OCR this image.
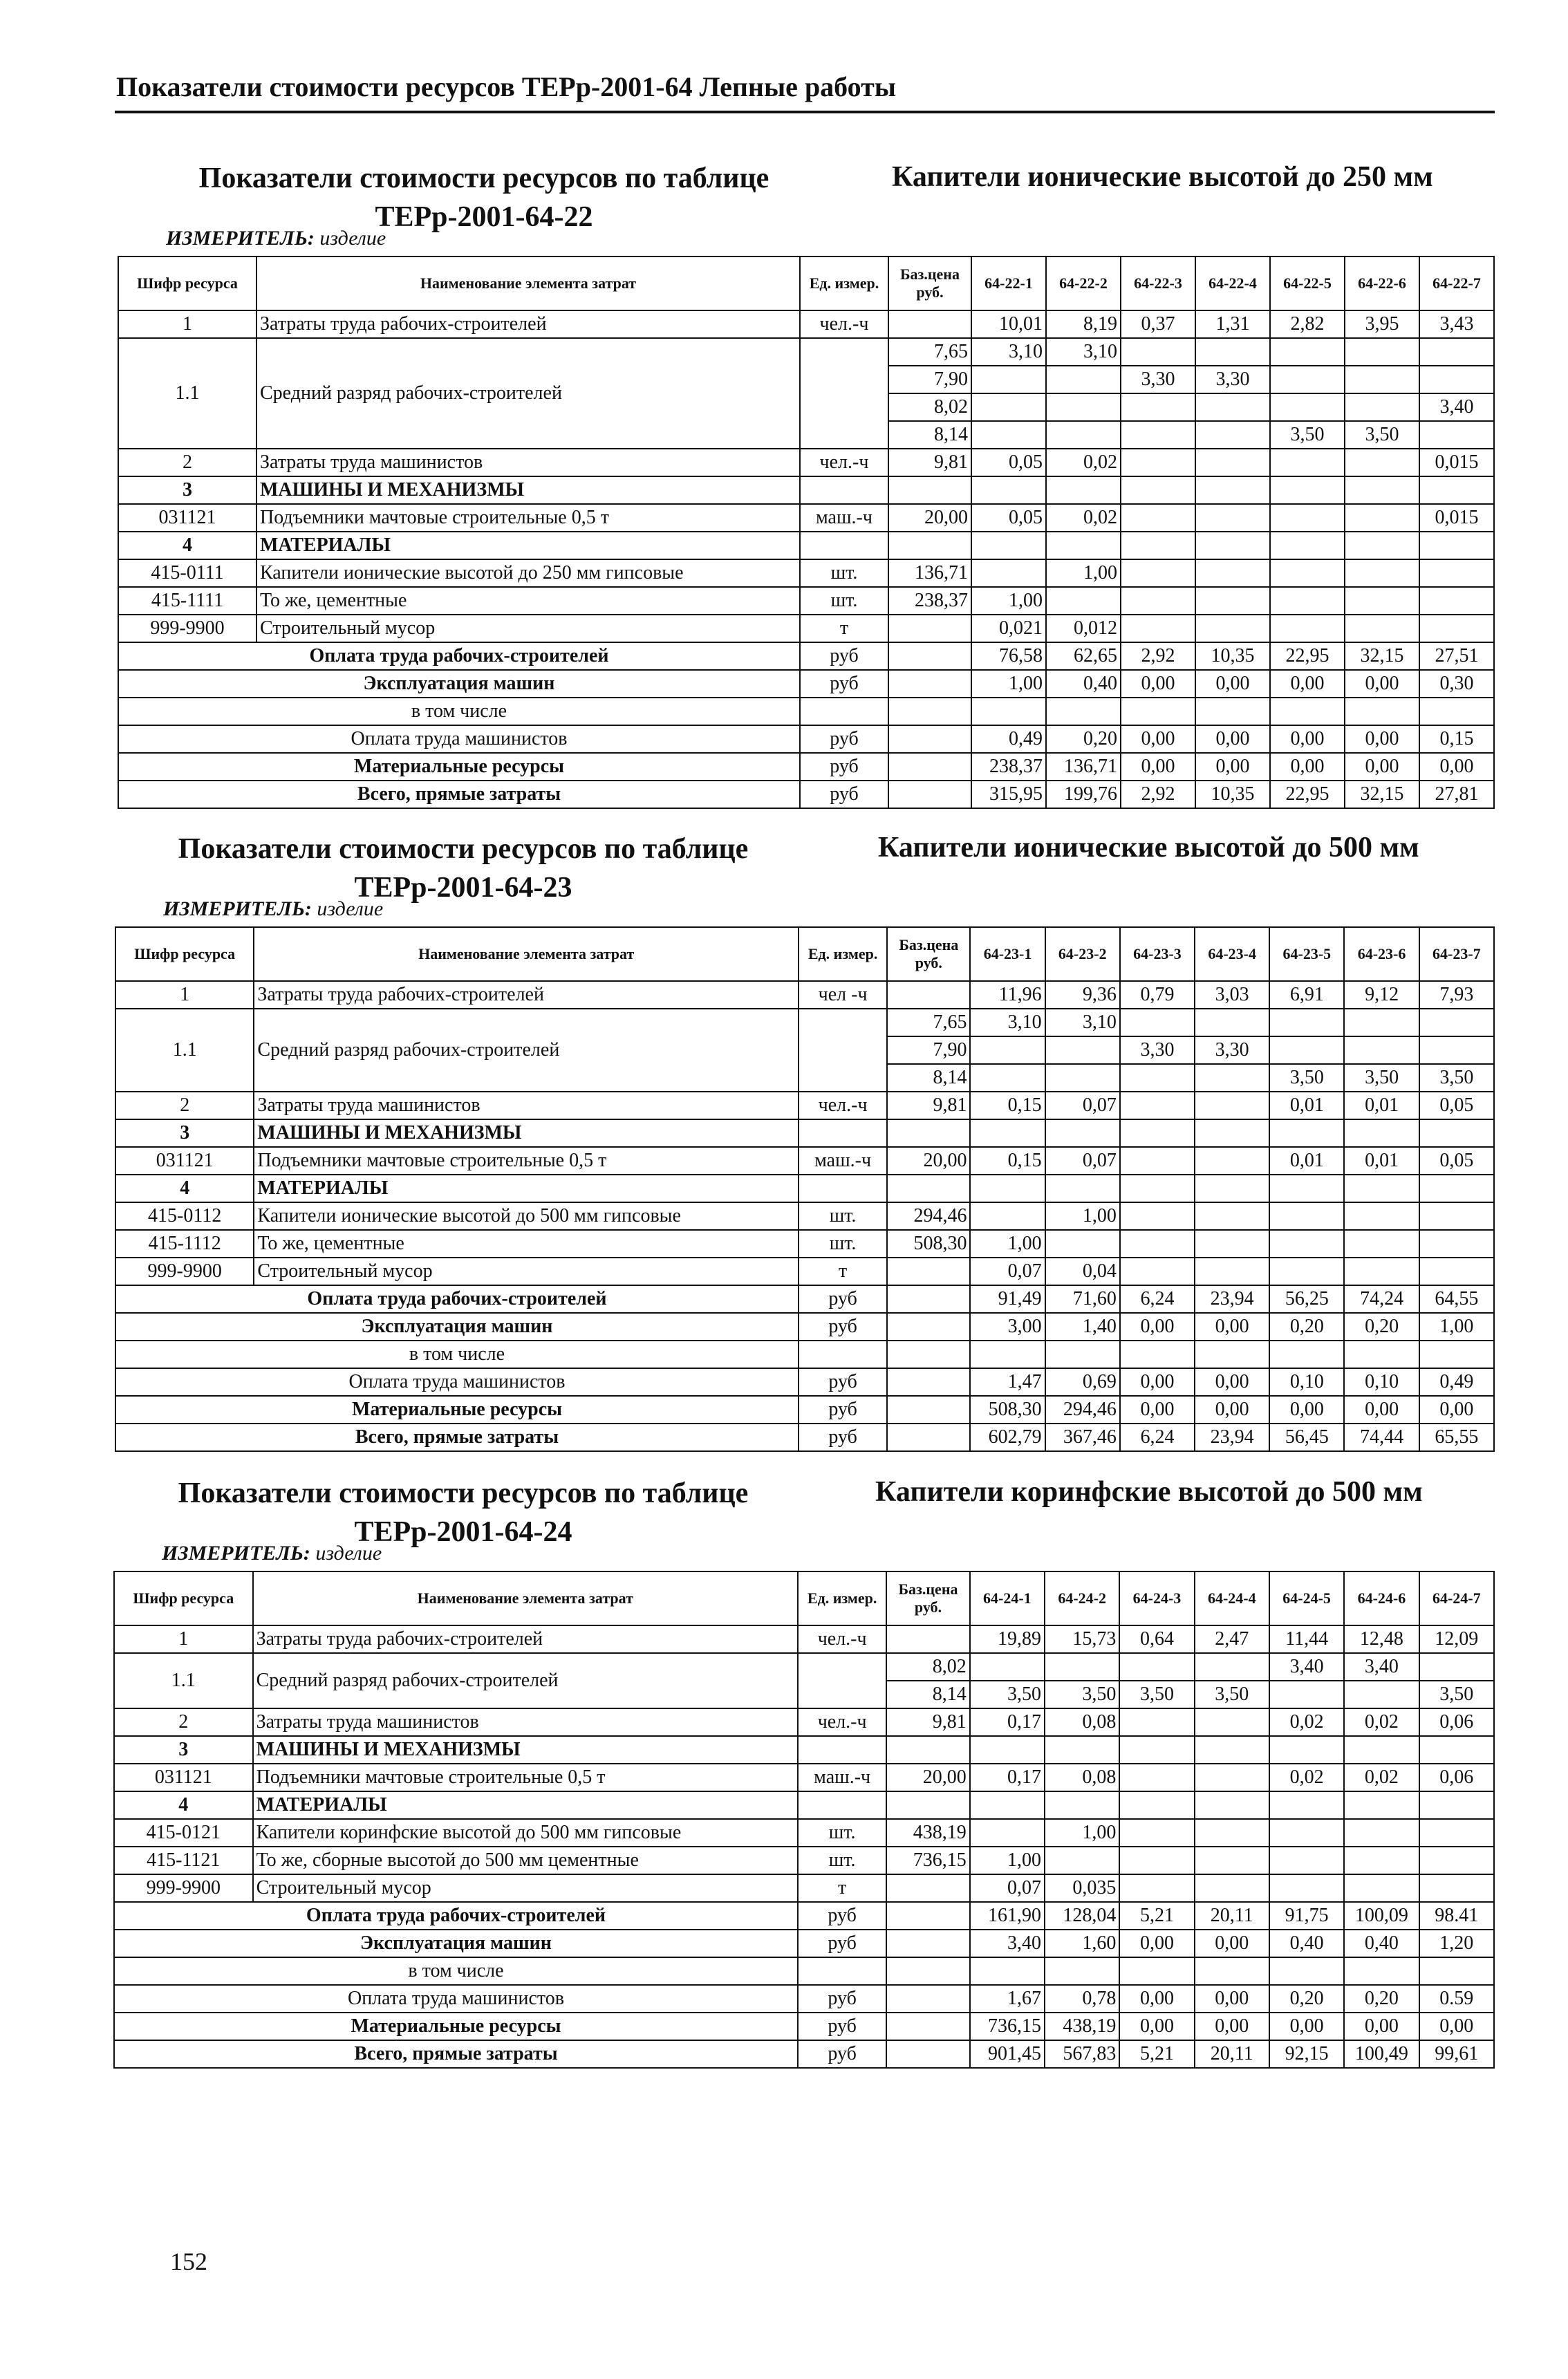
Показатели стоимости ресурсов ТЕРр-2001-64 Лепные работы
Шифр ресурса	Наименование элемента затрат	Ед. измер.	Баз.цена руб.	64-22-1	64-22-2	64-22-3	64-22-4	64-22-5	64-22-6	64-22-7
1	Затраты труда рабочих-строителей	чел.-ч		10,01	8,19	0,37	1,31	2,82	3,95	3,43
1.1	Средний разряд рабочих-строителей		7,65	3,10	3,10					
			7,90			3,30	3,30			
			8,02							3,40
			8,14					3,50	3,50	
2	Затраты труда машинистов	чел.-ч	9,81	0,05	0,02					0,015
3	МАШИНЫ И МЕХАНИЗМЫ									
031121	Подъемники мачтовые строительные 0,5 т	маш.-ч	20,00	0,05	0,02					0,015
4	МАТЕРИАЛЫ									
415-0111	Капители ионические высотой до 250 мм гипсовые	шт.	136,71		1,00					
415-1111	То же, цементные	шт.	238,37	1,00						
999-9900	Строительный мусор	т		0,021	0,012					
Оплата труда рабочих-строителей		руб		76,58	62,65	2,92	10,35	22,95	32,15	27,51
Эксплуатация машин		руб		1,00	0,40	0,00	0,00	0,00	0,00	0,30
в том числе										
Оплата труда машинистов		руб		0,49	0,20	0,00	0,00	0,00	0,00	0,15
Материальные ресурсы		руб		238,37	136,71	0,00	0,00	0,00	0,00	0,00
Всего, прямые затраты		руб		315,95	199,76	2,92	10,35	22,95	32,15	27,81
Шифр ресурса	Наименование элемента затрат	Ед. измер.	Баз.цена руб.	64-23-1	64-23-2	64-23-3	64-23-4	64-23-5	64-23-6	64-23-7
1	Затраты труда рабочих-строителей	чел -ч		11,96	9,36	0,79	3,03	6,91	9,12	7,93
1.1	Средний разряд рабочих-строителей		7,65	3,10	3,10					
			7,90			3,30	3,30			
			8,14					3,50	3,50	3,50
2	Затраты труда машинистов	чел.-ч	9,81	0,15	0,07			0,01	0,01	0,05
3	МАШИНЫ И МЕХАНИЗМЫ									
031121	Подъемники мачтовые строительные 0,5 т	маш.-ч	20,00	0,15	0,07			0,01	0,01	0,05
4	МАТЕРИАЛЫ									
415-0112	Капители ионические высотой до 500 мм гипсовые	шт.	294,46		1,00					
415-1112	То же, цементные	шт.	508,30	1,00						
999-9900	Строительный мусор	т		0,07	0,04					
Оплата труда рабочих-строителей		руб		91,49	71,60	6,24	23,94	56,25	74,24	64,55
Эксплуатация машин		руб		3,00	1,40	0,00	0,00	0,20	0,20	1,00
в том числе										
Оплата труда машинистов		руб		1,47	0,69	0,00	0,00	0,10	0,10	0,49
Материальные ресурсы		руб		508,30	294,46	0,00	0,00	0,00	0,00	0,00
Всего, прямые затраты		руб		602,79	367,46	6,24	23,94	56,45	74,44	65,55
Шифр ресурса	Наименование элемента затрат	Ед. измер.	Баз.цена руб.	64-24-1	64-24-2	64-24-3	64-24-4	64-24-5	64-24-6	64-24-7
1	Затраты труда рабочих-строителей	чел.-ч		19,89	15,73	0,64	2,47	11,44	12,48	12,09
1.1	Средний разряд рабочих-строителей		8,02					3,40	3,40	
			8,14	3,50	3,50	3,50	3,50			3,50
2	Затраты труда машинистов	чел.-ч	9,81	0,17	0,08			0,02	0,02	0,06
3	МАШИНЫ И МЕХАНИЗМЫ									
031121	Подъемники мачтовые строительные 0,5 т	маш.-ч	20,00	0,17	0,08			0,02	0,02	0,06
4	МАТЕРИАЛЫ									
415-0121	Капители коринфские высотой до 500 мм гипсовые	шт.	438,19		1,00					
415-1121	То же, сборные высотой до 500 мм цементные	шт.	736,15	1,00						
999-9900	Строительный мусор	т		0,07	0,035					
Оплата труда рабочих-строителей		руб		161,90	128,04	5,21	20,11	91,75	100,09	98.41
Эксплуатация машин		руб		3,40	1,60	0,00	0,00	0,40	0,40	1,20
в том числе										
Оплата труда машинистов		руб		1,67	0,78	0,00	0,00	0,20	0,20	0.59
Материальные ресурсы		руб		736,15	438,19	0,00	0,00	0,00	0,00	0,00
Всего, прямые затраты		руб		901,45	567,83	5,21	20,11	92,15	100,49	99,61
152
Показатели стоимости ресурсов по таблице ТЕРр-2001-64-22
Капители ионические высотой до 250 мм
ИЗМЕРИТЕЛЬ: изделие
Показатели стоимости ресурсов по таблице ТЕРр-2001-64-23
Капители ионические высотой до 500 мм
ИЗМЕРИТЕЛЬ: изделие
Показатели стоимости ресурсов по таблице ТЕРр-2001-64-24
Капители коринфские высотой до 500 мм
ИЗМЕРИТЕЛЬ: изделие
